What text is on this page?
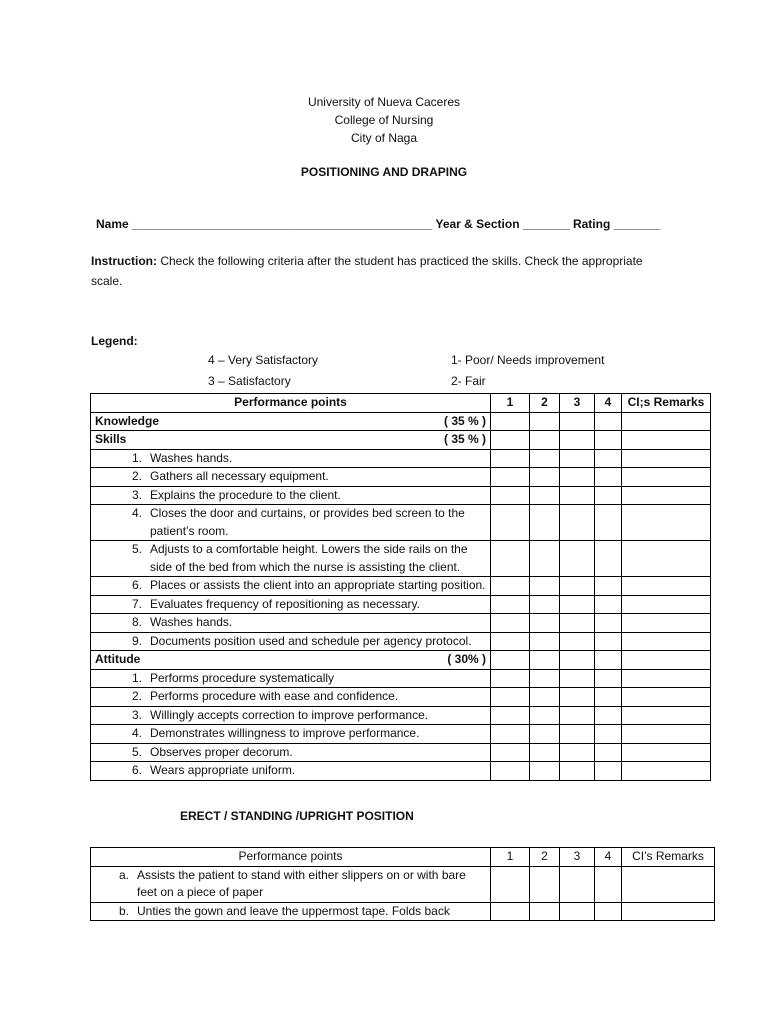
University of Nueva Caceres
College of Nursing
City of Naga
POSITIONING AND DRAPING
Name _____________________________________________ Year & Section _______ Rating _______
Instruction: Check the following criteria after the student has practiced the skills. Check the appropriate
scale.
Legend:
4 – Very Satisfactory	1- Poor/ Needs improvement
3 – Satisfactory	2- Fair
Performance points	1	2	3	4	CI;s Remarks

Knowledge ( 35 % )					

Skills ( 35 % )					

1. Washes hands.					

2. Gathers all necessary equipment.					

3. Explains the procedure to the client.					

4. Closes the door and curtains, or provides bed screen to the patient’s room.					

5. Adjusts to a comfortable height. Lowers the side rails on the side of the bed from which the nurse is assisting the client.					

6. Places or assists the client into an appropriate starting position.					

7. Evaluates frequency of repositioning as necessary.					

8. Washes hands.					

9. Documents position used and schedule per agency protocol.					

Attitude ( 30% )					

1. Performs procedure systematically					

2. Performs procedure with ease and confidence.					

3. Willingly accepts correction to improve performance.					

4. Demonstrates willingness to improve performance.					

5. Observes proper decorum.					

6. Wears appropriate uniform.					

ERECT / STANDING /UPRIGHT POSITION
Performance points	1	2	3	4	CI’s Remarks

a. Assists the patient to stand with either slippers on or with bare feet on a piece of paper					

b. Unties the gown and leave the uppermost tape. Folds back					
